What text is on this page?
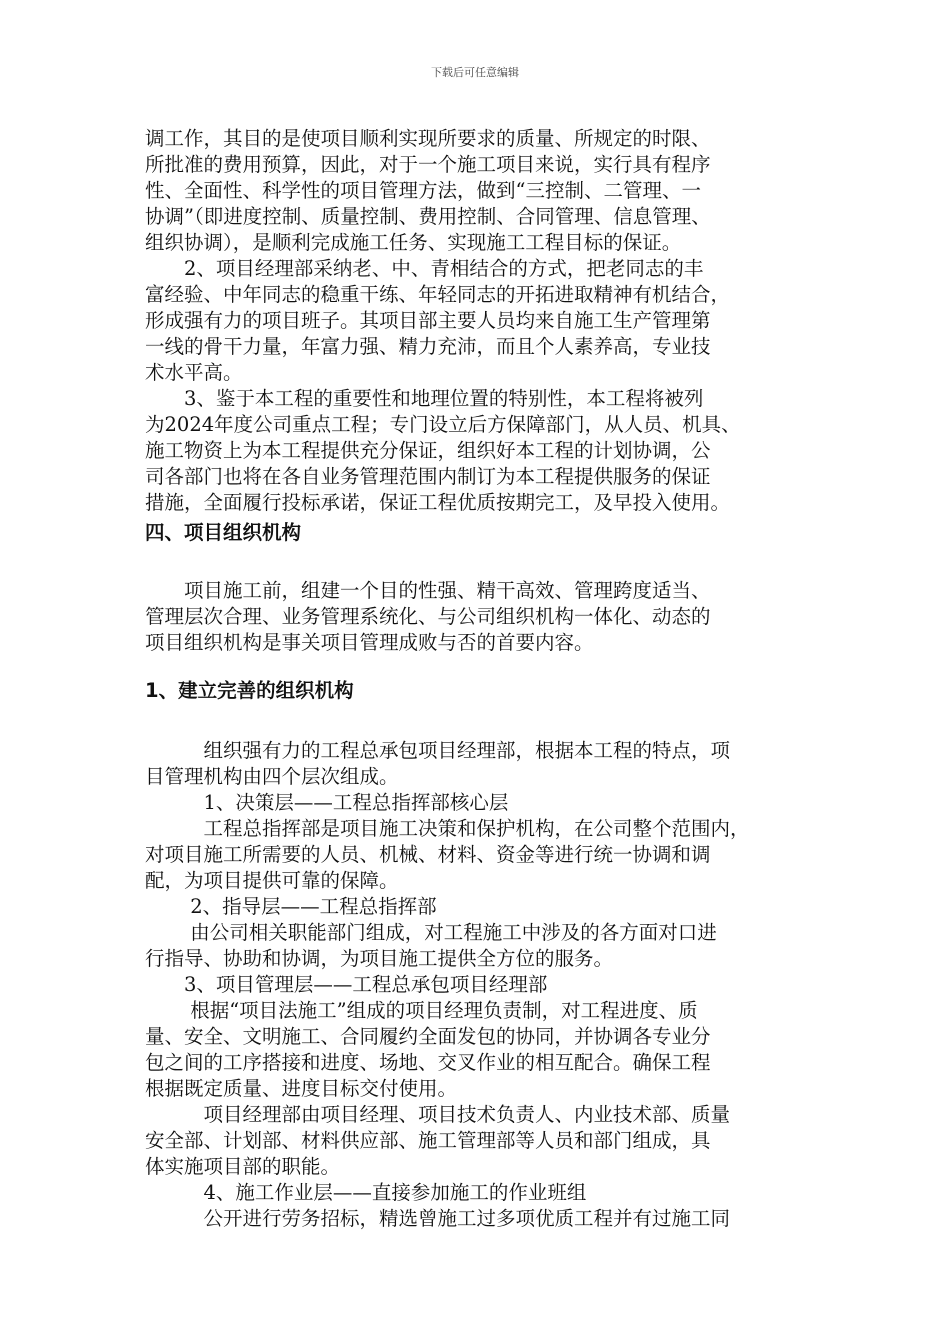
下载后可任意编辑
调工作，其目的是使项目顺利实现所要求的质量、所规定的时限、
所批准的费用预算，因此，对于一个施工项目来说，实行具有程序
性、全面性、科学性的项目管理方法，做到“三控制、二管理、一
协调”（即进度控制、质量控制、费用控制、合同管理、信息管理、
组织协调），是顺利完成施工任务、实现施工工程目标的保证。
　　2、项目经理部采纳老、中、青相结合的方式，把老同志的丰
富经验、中年同志的稳重干练、年轻同志的开拓进取精神有机结合，
形成强有力的项目班子。其项目部主要人员均来自施工生产管理第
一线的骨干力量，年富力强、精力充沛，而且个人素养高，专业技
术水平高。
　　3、鉴于本工程的重要性和地理位置的特别性，本工程将被列
为2024年度公司重点工程；专门设立后方保障部门，从人员、机具、
施工物资上为本工程提供充分保证，组织好本工程的计划协调，公
司各部门也将在各自业务管理范围内制订为本工程提供服务的保证
措施，全面履行投标承诺，保证工程优质按期完工，及早投入使用。
四、项目组织机构
　　项目施工前，组建一个目的性强、精干高效、管理跨度适当、
管理层次合理、业务管理系统化、与公司组织机构一体化、动态的
项目组织机构是事关项目管理成败与否的首要内容。
1、建立完善的组织机构
　　　组织强有力的工程总承包项目经理部，根据本工程的特点，项
目管理机构由四个层次组成。
　　　1、决策层——工程总指挥部核心层
　　　工程总指挥部是项目施工决策和保护机构，在公司整个范围内，
对项目施工所需要的人员、机械、材料、资金等进行统一协调和调
配，为项目提供可靠的保障。
　　 2、指导层——工程总指挥部
　　 由公司相关职能部门组成，对工程施工中涉及的各方面对口进
行指导、协助和协调，为项目施工提供全方位的服务。
　　3、项目管理层——工程总承包项目经理部
　　 根据“项目法施工”组成的项目经理负责制，对工程进度、质
量、安全、文明施工、合同履约全面发包的协同，并协调各专业分
包之间的工序搭接和进度、场地、交叉作业的相互配合。确保工程
根据既定质量、进度目标交付使用。
　　　项目经理部由项目经理、项目技术负责人、内业技术部、质量
安全部、计划部、材料供应部、施工管理部等人员和部门组成，具
体实施项目部的职能。
　　　4、施工作业层——直接参加施工的作业班组
　　　公开进行劳务招标，精选曾施工过多项优质工程并有过施工同
